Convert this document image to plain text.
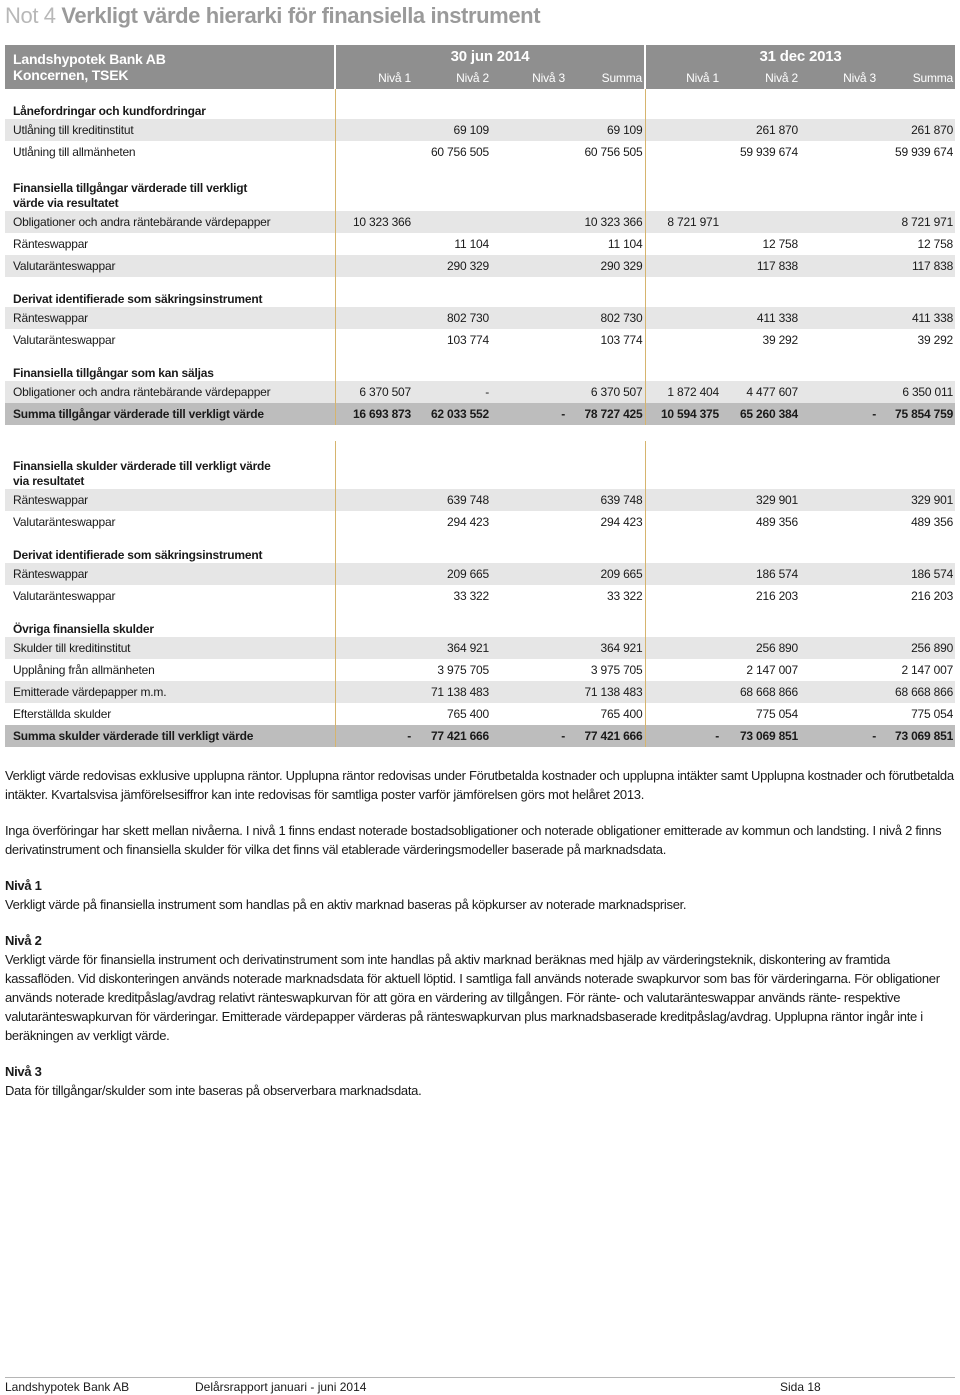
Not 4 Verkligt värde hierarki för finansiella instrument
Landshypotek Bank AB
Koncernen, TSEK	30 jun 2014				31 dec 2013			
	Nivå 1	Nivå 2	Nivå 3	Summa	Nivå 1	Nivå 2	Nivå 3	Summa
Lånefordringar och kundfordringar								
Utlåning till kreditinstitut		69 109		69 109		261 870		261 870
Utlåning till allmänheten		60 756 505		60 756 505		59 939 674		59 939 674
Finansiella tillgångar värderade till verkligt värde via resultatet								
Obligationer och andra räntebärande värdepapper	10 323 366			10 323 366	8 721 971			8 721 971
Ränteswappar		11 104		11 104		12 758		12 758
Valutaränteswappar		290 329		290 329		117 838		117 838
Derivat identifierade som säkringsinstrument								
Ränteswappar		802 730		802 730		411 338		411 338
Valutaränteswappar		103 774		103 774		39 292		39 292
Finansiella tillgångar som kan säljas								
Obligationer och andra räntebärande värdepapper	6 370 507	-		6 370 507	1 872 404	4 477 607		6 350 011
Summa tillgångar värderade till verkligt värde	16 693 873	62 033 552	-	78 727 425	10 594 375	65 260 384	-	75 854 759

Finansiella skulder värderade till verkligt värde via resultatet								
Ränteswappar		639 748		639 748		329 901		329 901
Valutaränteswappar		294 423		294 423		489 356		489 356
Derivat identifierade som säkringsinstrument								
Ränteswappar		209 665		209 665		186 574		186 574
Valutaränteswappar		33 322		33 322		216 203		216 203
Övriga finansiella skulder								
Skulder till kreditinstitut		364 921		364 921		256 890		256 890
Upplåning från allmänheten		3 975 705		3 975 705		2 147 007		2 147 007
Emitterade värdepapper m.m.		71 138 483		71 138 483		68 668 866		68 668 866
Efterställda skulder		765 400		765 400		775 054		775 054
Summa skulder värderade till verkligt värde	-	77 421 666	-	77 421 666	-	73 069 851	-	73 069 851

Verkligt värde redovisas exklusive upplupna räntor. Upplupna räntor redovisas under Förutbetalda kostnader och upplupna intäkter samt Upplupna kostnader och förutbetalda intäkter. Kvartalsvisa jämförelsesiffror kan inte redovisas för samtliga poster varför jämförelsen görs mot helåret 2013.

Inga överföringar har skett mellan nivåerna. I nivå 1 finns endast noterade bostadsobligationer och noterade obligationer emitterade av kommun och landsting. I nivå 2 finns derivatinstrument och finansiella skulder för vilka det finns väl etablerade värderingsmodeller baserade på marknadsdata.

Nivå 1
Verkligt värde på finansiella instrument som handlas på en aktiv marknad baseras på köpkurser av noterade marknadspriser.

Nivå 2
Verkligt värde för finansiella instrument och derivatinstrument som inte handlas på aktiv marknad beräknas med hjälp av värderingsteknik, diskontering av framtida kassaflöden. Vid diskonteringen används noterade marknadsdata för aktuell löptid. I samtliga fall används noterade swapkurvor som bas för värderingarna. För obligationer används noterade kreditpåslag/avdrag relativt ränteswapkurvan för att göra en värdering av tillgången. För ränte- och valutaränteswappar används ränte- respektive valutaränteswapkurvan för värderingar. Emitterade värdepapper värderas på ränteswapkurvan plus marknadsbaserade kreditpåslag/avdrag. Upplupna räntor ingår inte i beräkningen av verkligt värde.

Nivå 3
Data för tillgångar/skulder som inte baseras på observerbara marknadsdata.

Landshypotek Bank AB	Delårsrapport januari - juni 2014	Sida 18
